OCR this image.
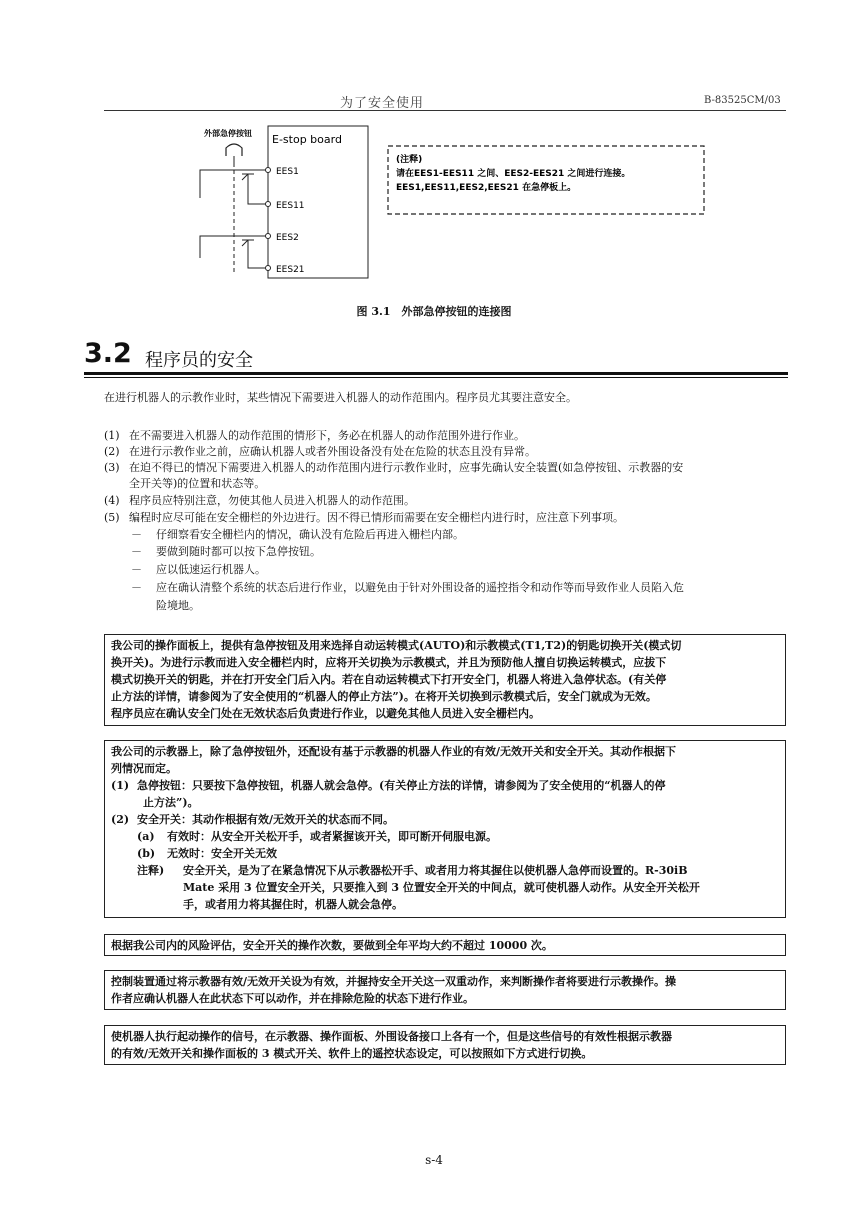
为了安全使用	B-83525CM/03
外部急停按钮 E-stop board
EES1
EES11
EES2
EES21
(注释)
请在EES1-EES11 之间、EES2-EES21 之间进行连接。
EES1,EES11,EES2,EES21 在急停板上。
图 3.1　外部急停按钮的连接图
3.2 程序员的安全
在进行机器人的示教作业时，某些情况下需要进入机器人的动作范围内。程序员尤其要注意安全。
(1) 在不需要进入机器人的动作范围的情形下，务必在机器人的动作范围外进行作业。
(2) 在进行示教作业之前，应确认机器人或者外围设备没有处在危险的状态且没有异常。
(3) 在迫不得已的情况下需要进入机器人的动作范围内进行示教作业时，应事先确认安全装置(如急停按钮、示教器的安
全开关等)的位置和状态等。
(4) 程序员应特别注意，勿使其他人员进入机器人的动作范围。
(5) 编程时应尽可能在安全栅栏的外边进行。因不得已情形而需要在安全栅栏内进行时，应注意下列事项。
－ 仔细察看安全栅栏内的情况，确认没有危险后再进入栅栏内部。
－ 要做到随时都可以按下急停按钮。
－ 应以低速运行机器人。
－ 应在确认清整个系统的状态后进行作业，以避免由于针对外围设备的遥控指令和动作等而导致作业人员陷入危
险境地。
我公司的操作面板上，提供有急停按钮及用来选择自动运转模式(AUTO)和示教模式(T1,T2)的钥匙切换开关(模式切
换开关)。为进行示教而进入安全栅栏内时，应将开关切换为示教模式，并且为预防他人擅自切换运转模式，应拔下
模式切换开关的钥匙，并在打开安全门后入内。若在自动运转模式下打开安全门，机器人将进入急停状态。(有关停
止方法的详情，请参阅为了安全使用的“机器人的停止方法”)。在将开关切换到示教模式后，安全门就成为无效。
程序员应在确认安全门处在无效状态后负责进行作业，以避免其他人员进入安全栅栏内。
我公司的示教器上，除了急停按钮外，还配设有基于示教器的机器人作业的有效/无效开关和安全开关。其动作根据下
列情况而定。
(1) 急停按钮：只要按下急停按钮，机器人就会急停。(有关停止方法的详情，请参阅为了安全使用的“机器人的停
止方法”)。
(2) 安全开关：其动作根据有效/无效开关的状态而不同。
(a) 有效时：从安全开关松开手，或者紧握该开关，即可断开伺服电源。
(b) 无效时：安全开关无效
注释) 安全开关，是为了在紧急情况下从示教器松开手、或者用力将其握住以使机器人急停而设置的。R-30iB
Mate 采用 3 位置安全开关，只要推入到 3 位置安全开关的中间点，就可使机器人动作。从安全开关松开
手，或者用力将其握住时，机器人就会急停。
根据我公司内的风险评估，安全开关的操作次数，要做到全年平均大约不超过 10000 次。
控制装置通过将示教器有效/无效开关设为有效，并握持安全开关这一双重动作，来判断操作者将要进行示教操作。操
作者应确认机器人在此状态下可以动作，并在排除危险的状态下进行作业。
使机器人执行起动操作的信号，在示教器、操作面板、外围设备接口上各有一个，但是这些信号的有效性根据示教器
的有效/无效开关和操作面板的 3 模式开关、软件上的遥控状态设定，可以按照如下方式进行切换。
s-4
